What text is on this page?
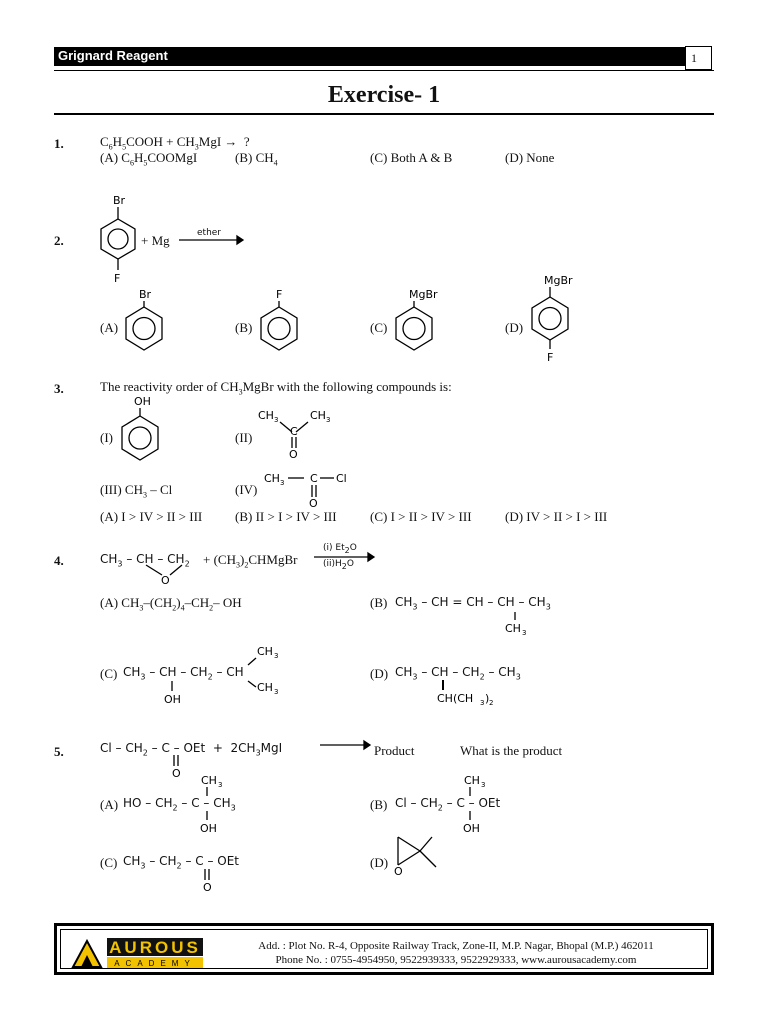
Grignard Reagent	1
Exercise- 1
1.	$C_6H_5COOH + CH_3MgI$ →  ?
(A) $C_6H_5COOMgI$	(B) $CH_4$	(C) Both A & B	(D) None
2.
Br
F
+ Mg	ether
(A)
Br
(B)
F
(C)
MgBr
(D)
MgBr
F
3.	The reactivity order of $CH_3MgBr$ with the following compounds is:
(I)
OH
(II)
CH 3	CH 3
C
O
(III) $CH_3$ – Cl	(IV)
CH 3 C Cl
O
(A) I > IV > II > III	(B) II > I > IV > III	(C) I > II > IV > III	(D) IV > II > I > III
4.	$CH_3$ – CH – $CH_2$
O
+ $(CH_3)_2CHMgBr$
(i) $Et_2O$
$(ii)H_2O$
(A) $CH_3-(CH_2)_4-CH_2-$ OH	(B) $CH_3$ – CH = CH – CH – $CH_3$
CH 3
(C) $CH_3$ – CH – $CH_2$ – CH
CH 3
CH 3
OH
(D) $CH_3$ – CH – $CH_2 - CH_3$
CH(CH 3 ) 2
5.	Cl – $CH_2$ – C – OEt  +  $2CH_3MgI$
O
→ Product	What is the product
(A) HO – $CH_2$ – C – $CH_3$
CH 3
OH
(B) Cl – $CH_2$ – C – OEt
CH 3
OH
(C) $CH_3 - CH_2$ – C – OEt
O
(D)
O
AUROUS
ACADEMY
Add. : Plot No. R-4, Opposite Railway Track, Zone-II, M.P. Nagar, Bhopal (M.P.) 462011
Phone No. : 0755-4954950, 9522939333, 9522929333, www.aurousacademy.com
